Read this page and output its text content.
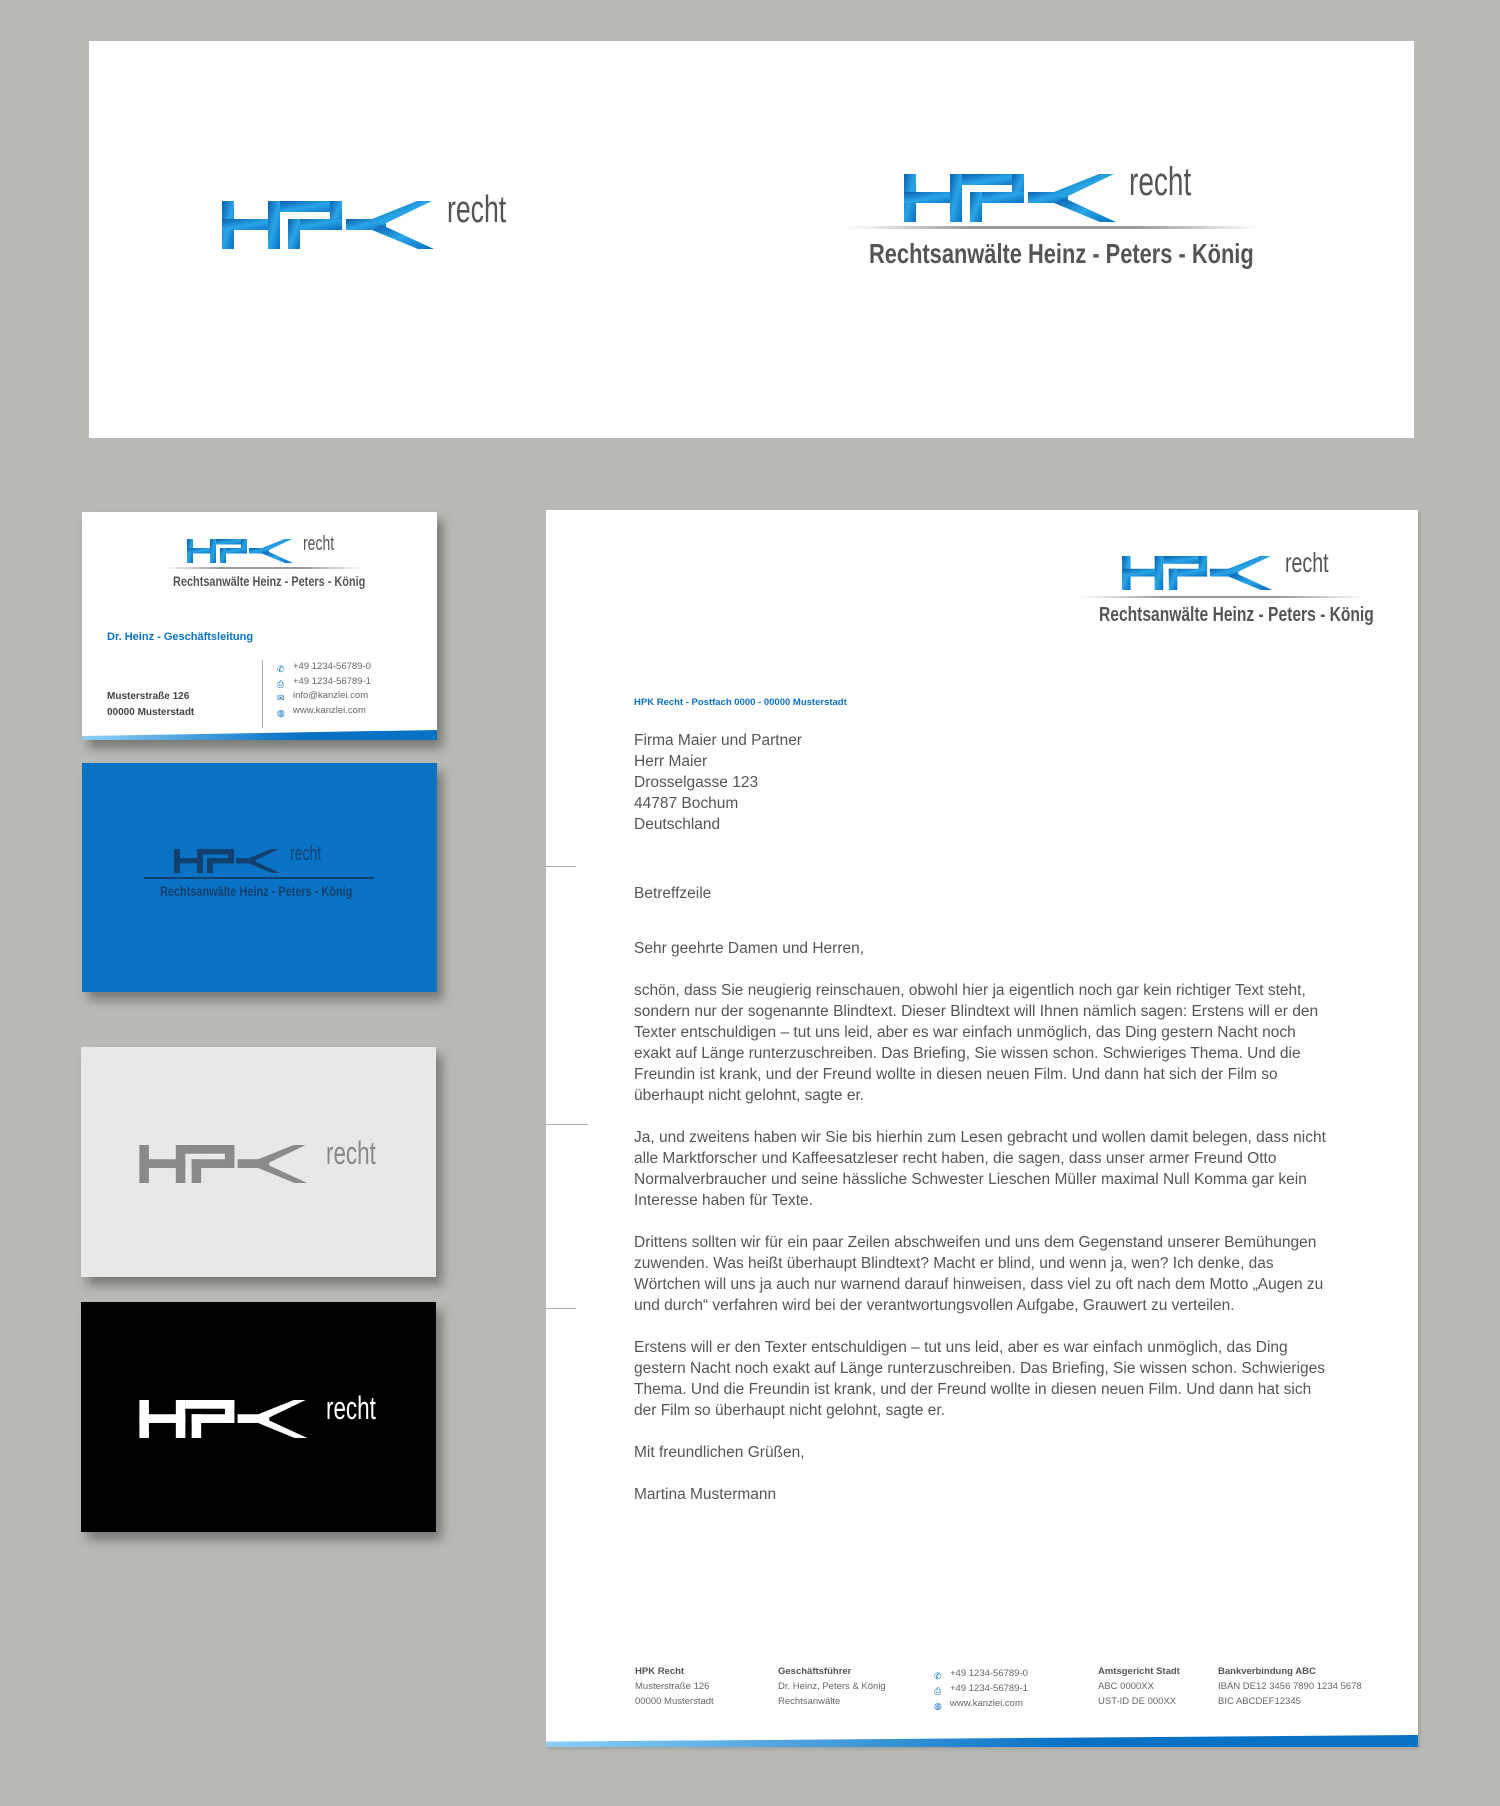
recht
recht
Rechtsanwälte Heinz - Peters - König
recht
Rechtsanwälte Heinz - Peters - König
Dr. Heinz - Geschäftsleitung
Musterstraße 126
00000 Musterstadt
✆ +49 1234-56789-0
⎙ +49 1234-56789-1
✉ info@kanzlei.com
◍ www.kanzlei.com
recht
Rechtsanwälte Heinz - Peters - König
recht
recht
recht
Rechtsanwälte Heinz - Peters - König
HPK Recht - Postfach 0000 - 00000 Musterstadt
Firma Maier und Partner
Herr Maier
Drosselgasse 123
44787 Bochum
Deutschland

Betreffzeile

Sehr geehrte Damen und Herren,

schön, dass Sie neugierig reinschauen, obwohl hier ja eigentlich noch gar kein richtiger Text steht, sondern nur der sogenannte Blindtext. Dieser Blindtext will Ihnen nämlich sagen: Erstens will er den Texter entschuldigen – tut uns leid, aber es war einfach unmöglich, das Ding gestern Nacht noch exakt auf Länge runterzuschreiben. Das Briefing, Sie wissen schon. Schwieriges Thema. Und die Freundin ist krank, und der Freund wollte in diesen neuen Film. Und dann hat sich der Film so überhaupt nicht gelohnt, sagte er.

Ja, und zweitens haben wir Sie bis hierhin zum Lesen gebracht und wollen damit belegen, dass nicht alle Marktforscher und Kaffeesatzleser recht haben, die sagen, dass unser armer Freund Otto Normalverbraucher und seine hässliche Schwester Lieschen Müller maximal Null Komma gar kein Interesse haben für Texte.

Drittens sollten wir für ein paar Zeilen abschweifen und uns dem Gegenstand unserer Bemühungen zuwenden. Was heißt überhaupt Blindtext? Macht er blind, und wenn ja, wen? Ich denke, das Wörtchen will uns ja auch nur warnend darauf hinweisen, dass viel zu oft nach dem Motto „Augen zu und durch“ verfahren wird bei der verantwortungsvollen Aufgabe, Grauwert zu verteilen.

Erstens will er den Texter entschuldigen – tut uns leid, aber es war einfach unmöglich, das Ding gestern Nacht noch exakt auf Länge runterzuschreiben. Das Briefing, Sie wissen schon. Schwieriges Thema. Und die Freundin ist krank, und der Freund wollte in diesen neuen Film. Und dann hat sich der Film so überhaupt nicht gelohnt, sagte er.

Mit freundlichen Grüßen,

Martina Mustermann

HPK Recht
Musterstraße 126
00000 Musterstadt
Geschäftsführer
Dr. Heinz, Peters & König
Rechtsanwälte
✆ +49 1234-56789-0
⎙ +49 1234-56789-1
◍ www.kanzlei.com
Amtsgericht Stadt
ABC 0000XX
UST-ID DE 000XX
Bankverbindung ABC
IBAN DE12 3456 7890 1234 5678
BIC ABCDEF12345
